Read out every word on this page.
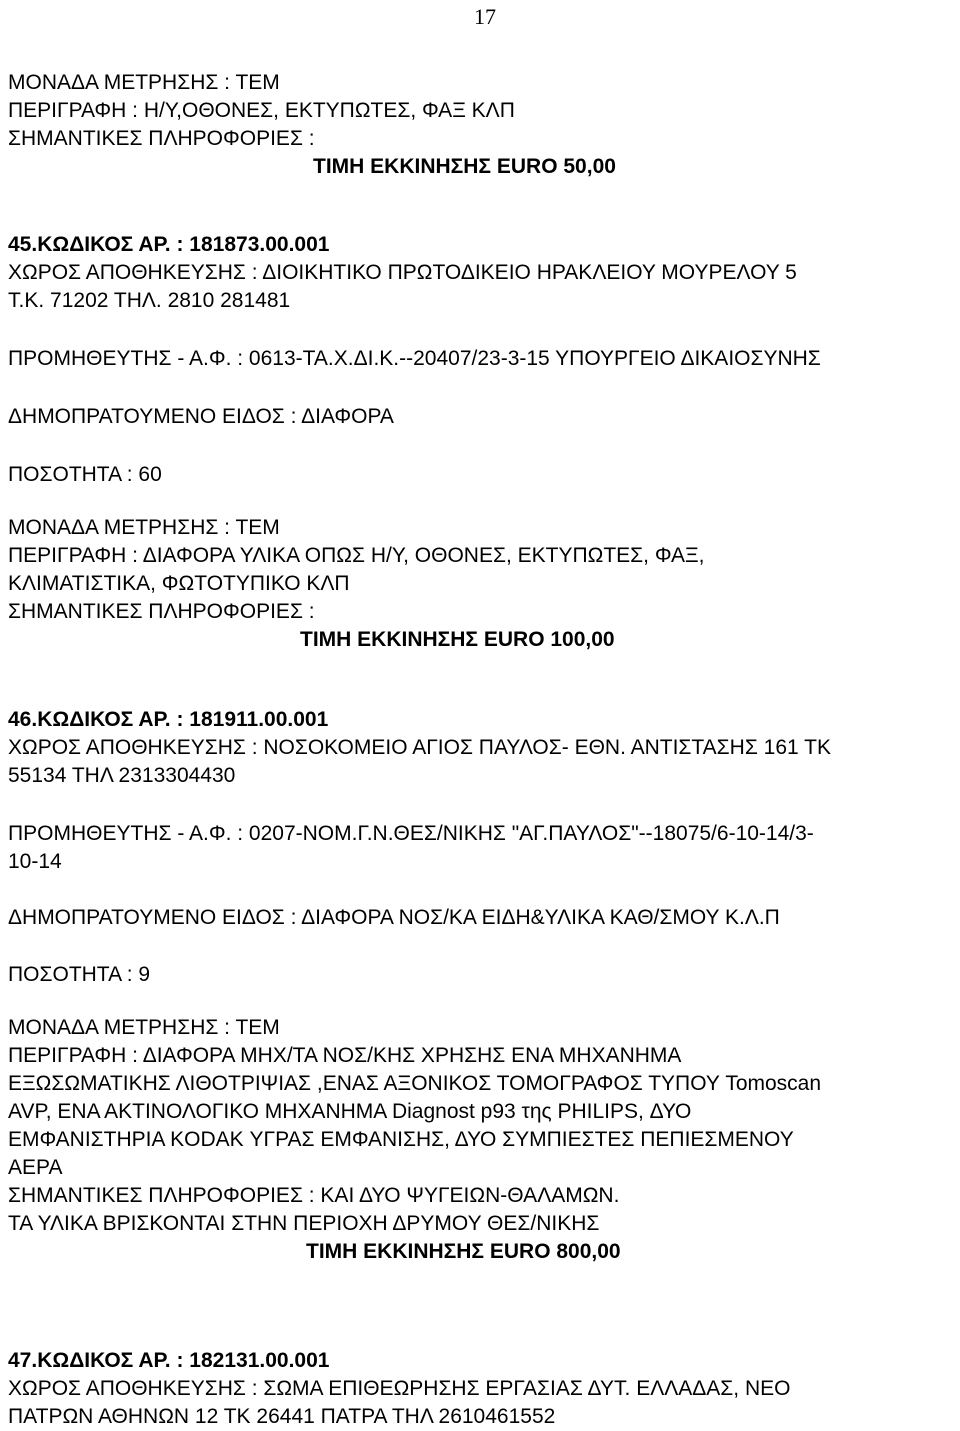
17
ΜΟΝΑΔΑ ΜΕΤΡΗΣΗΣ : ΤΕΜ
ΠΕΡΙΓΡΑΦΗ : Η/Υ,ΟΘΟΝΕΣ, ΕΚΤΥΠΩΤΕΣ, ΦΑΞ ΚΛΠ
ΣΗΜΑΝΤΙΚΕΣ ΠΛΗΡΟΦΟΡΙΕΣ :
ΤΙΜΗ ΕΚΚΙΝΗΣΗΣ EURO 50,00
45.ΚΩΔΙΚΟΣ ΑΡ. : 181873.00.001
ΧΩΡΟΣ ΑΠΟΘΗΚΕΥΣΗΣ : ΔΙΟΙΚΗΤΙΚΟ ΠΡΩΤΟΔΙΚΕΙΟ ΗΡΑΚΛΕΙΟΥ ΜΟΥΡΕΛΟΥ 5
Τ.Κ. 71202 ΤΗΛ. 2810 281481
ΠΡΟΜΗΘΕΥΤΗΣ - Α.Φ. : 0613-ΤΑ.Χ.ΔΙ.Κ.--20407/23-3-15 ΥΠΟΥΡΓΕΙΟ ΔΙΚΑΙΟΣΥΝΗΣ
ΔΗΜΟΠΡΑΤΟΥΜΕΝΟ ΕΙΔΟΣ : ΔΙΑΦΟΡΑ
ΠΟΣΟΤΗΤΑ : 60
ΜΟΝΑΔΑ ΜΕΤΡΗΣΗΣ : ΤΕΜ
ΠΕΡΙΓΡΑΦΗ : ΔΙΑΦΟΡΑ ΥΛΙΚΑ ΟΠΩΣ Η/Υ, ΟΘΟΝΕΣ, ΕΚΤΥΠΩΤΕΣ, ΦΑΞ,
ΚΛΙΜΑΤΙΣΤΙΚΑ, ΦΩΤΟΤΥΠΙΚΟ ΚΛΠ
ΣΗΜΑΝΤΙΚΕΣ ΠΛΗΡΟΦΟΡΙΕΣ :
ΤΙΜΗ ΕΚΚΙΝΗΣΗΣ EURO 100,00
46.ΚΩΔΙΚΟΣ ΑΡ. : 181911.00.001
ΧΩΡΟΣ ΑΠΟΘΗΚΕΥΣΗΣ : ΝΟΣΟΚΟΜΕΙΟ ΑΓΙΟΣ ΠΑΥΛΟΣ- ΕΘΝ. ΑΝΤΙΣΤΑΣΗΣ 161 ΤΚ
55134 ΤΗΛ 2313304430
ΠΡΟΜΗΘΕΥΤΗΣ - Α.Φ. : 0207-ΝΟΜ.Γ.Ν.ΘΕΣ/ΝΙΚΗΣ "ΑΓ.ΠΑΥΛΟΣ"--18075/6-10-14/3-
10-14
ΔΗΜΟΠΡΑΤΟΥΜΕΝΟ ΕΙΔΟΣ : ΔΙΑΦΟΡΑ ΝΟΣ/ΚΑ ΕΙΔΗ&ΥΛΙΚΑ ΚΑΘ/ΣΜΟΥ Κ.Λ.Π
ΠΟΣΟΤΗΤΑ : 9
ΜΟΝΑΔΑ ΜΕΤΡΗΣΗΣ : ΤΕΜ
ΠΕΡΙΓΡΑΦΗ : ΔΙΑΦΟΡΑ ΜΗΧ/ΤΑ ΝΟΣ/ΚΗΣ ΧΡΗΣΗΣ ΕΝΑ ΜΗΧΑΝΗΜΑ
ΕΞΩΣΩΜΑΤΙΚΗΣ ΛΙΘΟΤΡΙΨΙΑΣ ,ΕΝΑΣ ΑΞΟΝΙΚΟΣ ΤΟΜΟΓΡΑΦΟΣ ΤΥΠΟΥ Tomoscan
AVP, ΕΝΑ ΑΚΤΙΝΟΛΟΓΙΚΟ ΜΗΧΑΝΗΜΑ Diagnost p93 της PHILIPS, ΔΥΟ
ΕΜΦΑΝΙΣΤΗΡΙΑ KODAK ΥΓΡΑΣ ΕΜΦΑΝΙΣΗΣ, ΔΥΟ ΣΥΜΠΙΕΣΤΕΣ ΠΕΠΙΕΣΜΕΝΟΥ
ΑΕΡΑ
ΣΗΜΑΝΤΙΚΕΣ ΠΛΗΡΟΦΟΡΙΕΣ : ΚΑΙ ΔΥΟ ΨΥΓΕΙΩΝ-ΘΑΛΑΜΩΝ.
ΤΑ ΥΛΙΚΑ ΒΡΙΣΚΟΝΤΑΙ ΣΤΗΝ ΠΕΡΙΟΧΗ ΔΡΥΜΟΥ ΘΕΣ/ΝΙΚΗΣ
ΤΙΜΗ ΕΚΚΙΝΗΣΗΣ EURO 800,00
47.ΚΩΔΙΚΟΣ ΑΡ. : 182131.00.001
ΧΩΡΟΣ ΑΠΟΘΗΚΕΥΣΗΣ : ΣΩΜΑ ΕΠΙΘΕΩΡΗΣΗΣ ΕΡΓΑΣΙΑΣ ΔΥΤ. ΕΛΛΑΔΑΣ, ΝΕΟ
ΠΑΤΡΩΝ ΑΘΗΝΩΝ 12 ΤΚ 26441 ΠΑΤΡΑ ΤΗΛ 2610461552
